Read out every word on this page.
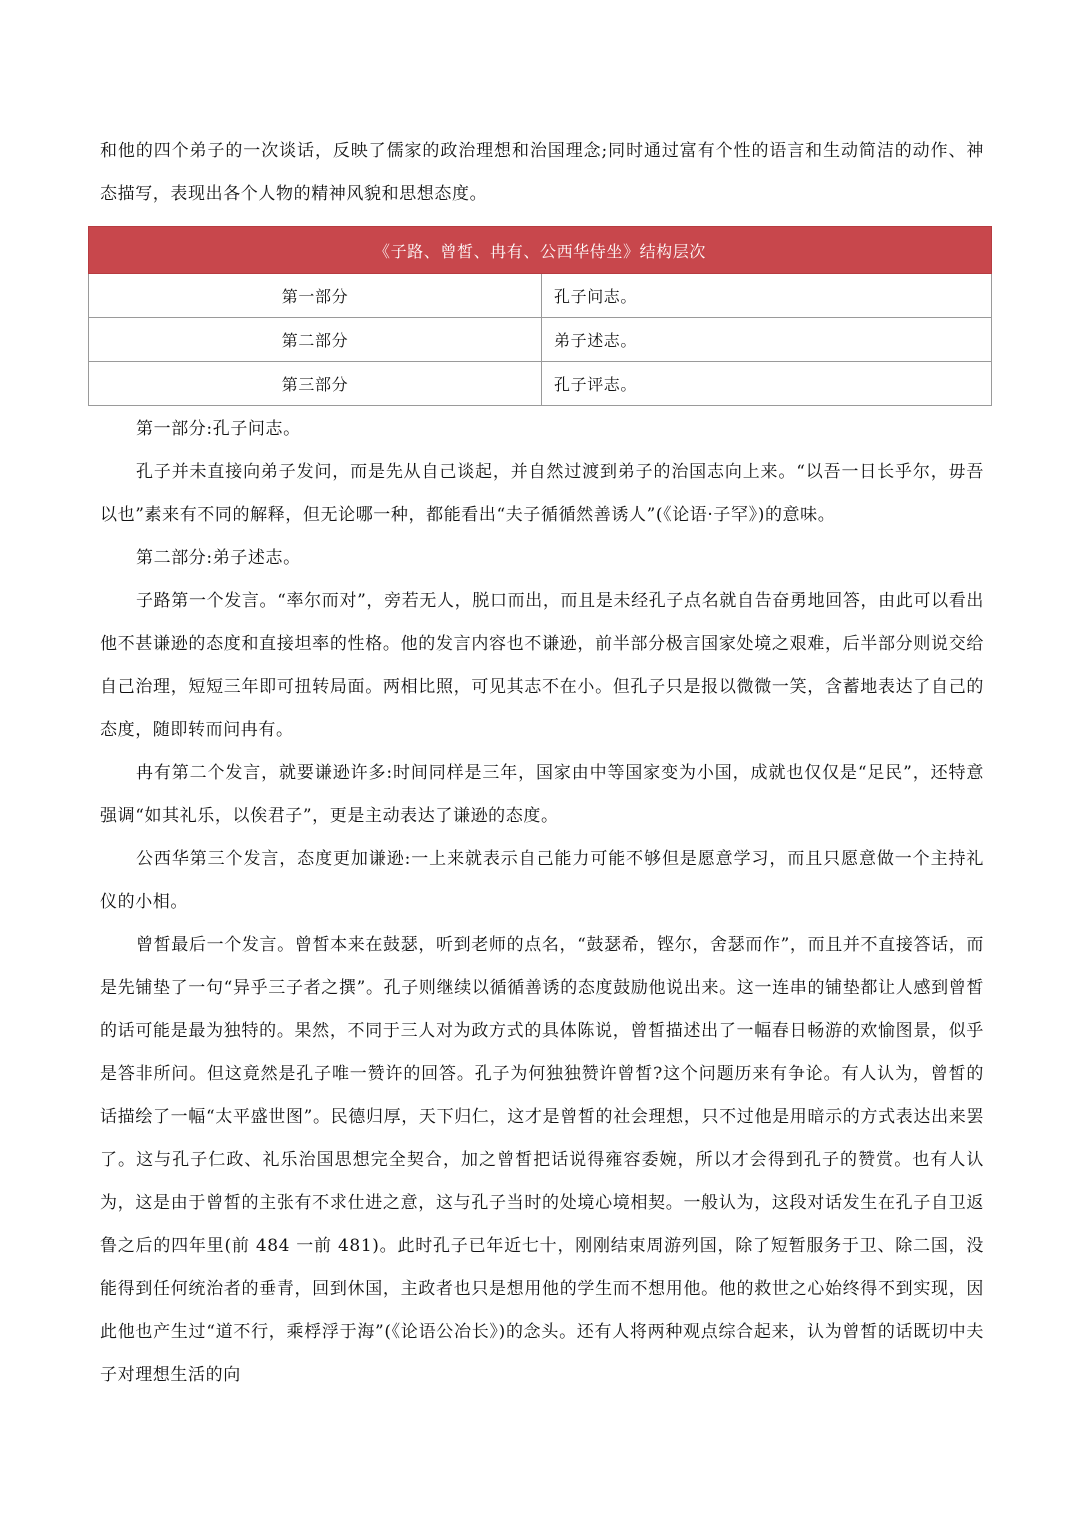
和他的四个弟子的一次谈话，反映了儒家的政治理想和治国理念;同时通过富有个性的语言和生动简洁的动作、神态描写，表现出各个人物的精神风貌和思想态度。

《子路、曾皙、冉有、公西华侍坐》结构层次	
第一部分	孔子问志。
第二部分	弟子述志。
第三部分	孔子评志。

第一部分:孔子问志。

孔子并未直接向弟子发问，而是先从自己谈起，并自然过渡到弟子的治国志向上来。“以吾一日长乎尔，毋吾以也”素来有不同的解释，但无论哪一种，都能看出“夫子循循然善诱人”(《论语·子罕》)的意味。

第二部分:弟子述志。

子路第一个发言。“率尔而对”，旁若无人，脱口而出，而且是未经孔子点名就自告奋勇地回答，由此可以看出他不甚谦逊的态度和直接坦率的性格。他的发言内容也不谦逊，前半部分极言国家处境之艰难，后半部分则说交给自己治理，短短三年即可扭转局面。两相比照，可见其志不在小。但孔子只是报以微微一笑，含蓄地表达了自己的态度，随即转而问冉有。

冉有第二个发言，就要谦逊许多:时间同样是三年，国家由中等国家变为小国，成就也仅仅是“足民”，还特意强调“如其礼乐，以俟君子”，更是主动表达了谦逊的态度。

公西华第三个发言，态度更加谦逊:一上来就表示自己能力可能不够但是愿意学习，而且只愿意做一个主持礼仪的小相。

曾皙最后一个发言。曾皙本来在鼓瑟，听到老师的点名，“鼓瑟希，铿尔，舍瑟而作”，而且并不直接答话，而是先铺垫了一句“异乎三子者之撰”。孔子则继续以循循善诱的态度鼓励他说出来。这一连串的铺垫都让人感到曾皙的话可能是最为独特的。果然，不同于三人对为政方式的具体陈说，曾皙描述出了一幅春日畅游的欢愉图景，似乎是答非所问。但这竟然是孔子唯一赞许的回答。孔子为何独独赞许曾皙?这个问题历来有争论。有人认为，曾皙的话描绘了一幅“太平盛世图”。民德归厚，天下归仁，这才是曾皙的社会理想，只不过他是用暗示的方式表达出来罢了。这与孔子仁政、礼乐治国思想完全契合，加之曾皙把话说得雍容委婉，所以才会得到孔子的赞赏。也有人认为，这是由于曾皙的主张有不求仕进之意，这与孔子当时的处境心境相契。一般认为，这段对话发生在孔子自卫返鲁之后的四年里(前 484 一前 481)。此时孔子已年近七十，刚刚结束周游列国，除了短暂服务于卫、除二国，没能得到任何统治者的垂青，回到休国，主政者也只是想用他的学生而不想用他。他的救世之心始终得不到实现，因此他也产生过“道不行，乘桴浮于海”(《论语公冶长》)的念头。还有人将两种观点综合起来，认为曾皙的话既切中夫子对理想生活的向
